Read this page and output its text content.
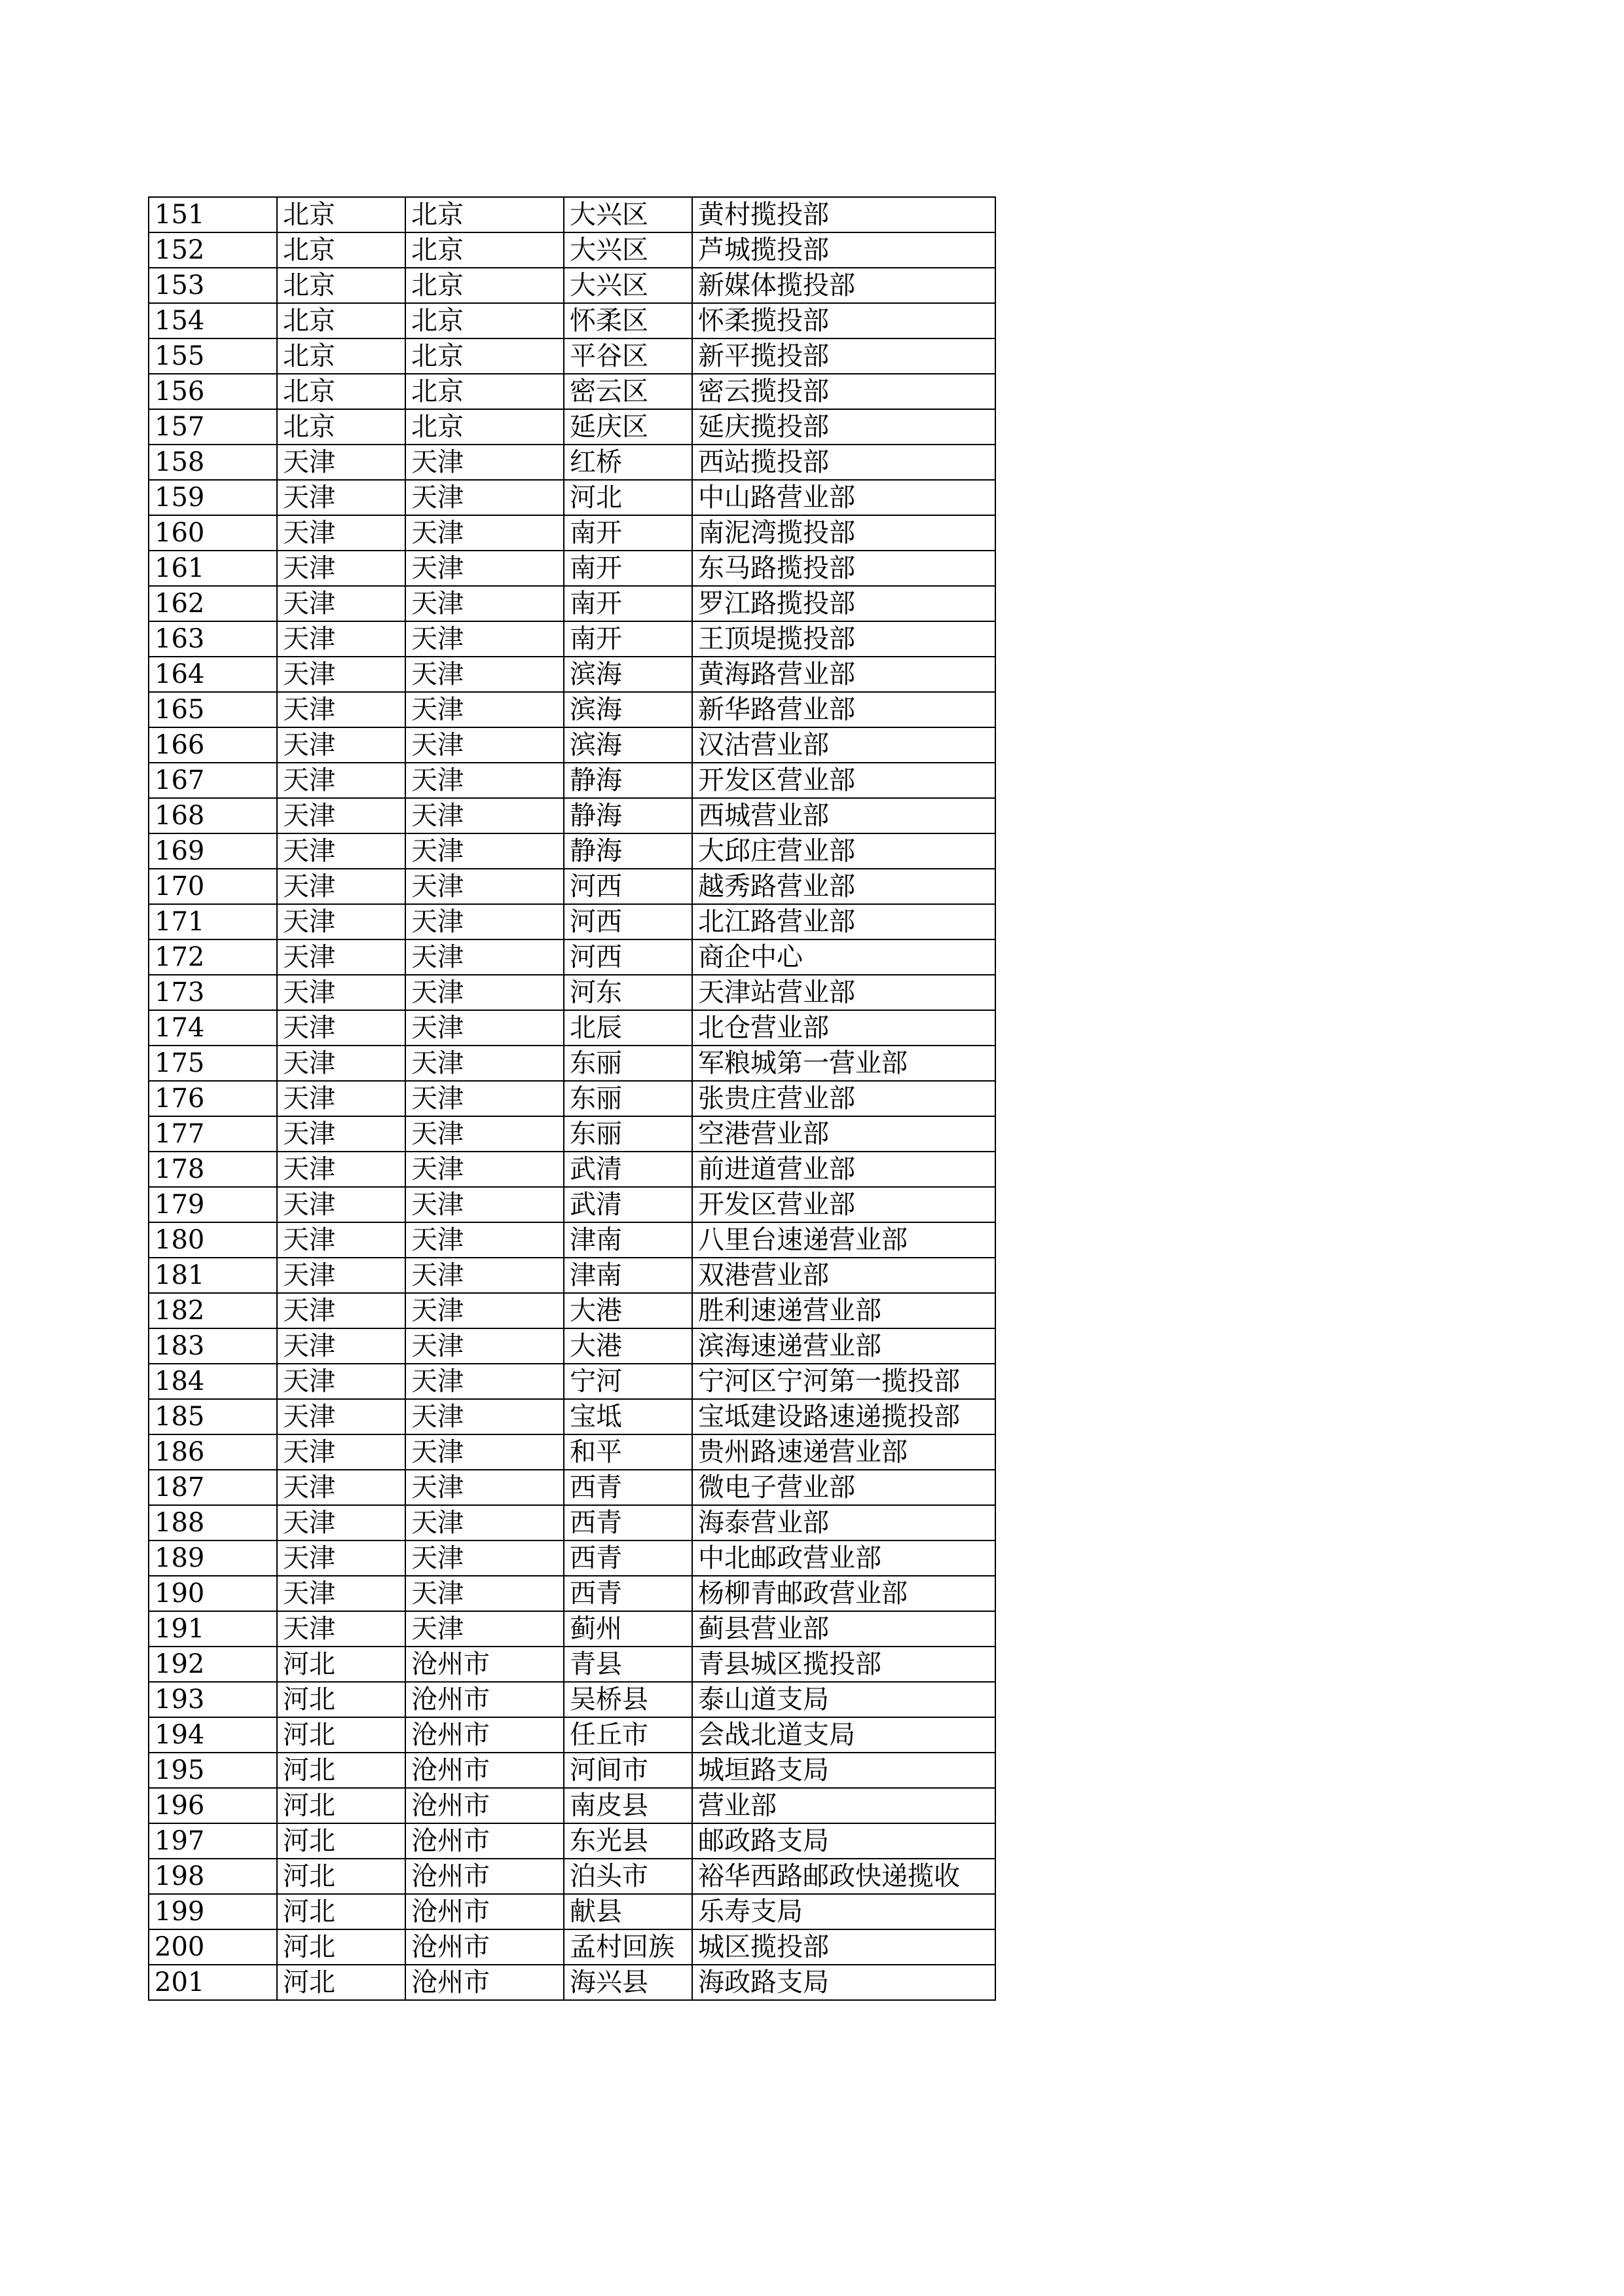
151	北京	北京	大兴区	黄村揽投部
152	北京	北京	大兴区	芦城揽投部
153	北京	北京	大兴区	新媒体揽投部
154	北京	北京	怀柔区	怀柔揽投部
155	北京	北京	平谷区	新平揽投部
156	北京	北京	密云区	密云揽投部
157	北京	北京	延庆区	延庆揽投部
158	天津	天津	红桥	西站揽投部
159	天津	天津	河北	中山路营业部
160	天津	天津	南开	南泥湾揽投部
161	天津	天津	南开	东马路揽投部
162	天津	天津	南开	罗江路揽投部
163	天津	天津	南开	王顶堤揽投部
164	天津	天津	滨海	黄海路营业部
165	天津	天津	滨海	新华路营业部
166	天津	天津	滨海	汉沽营业部
167	天津	天津	静海	开发区营业部
168	天津	天津	静海	西城营业部
169	天津	天津	静海	大邱庄营业部
170	天津	天津	河西	越秀路营业部
171	天津	天津	河西	北江路营业部
172	天津	天津	河西	商企中心
173	天津	天津	河东	天津站营业部
174	天津	天津	北辰	北仓营业部
175	天津	天津	东丽	军粮城第一营业部
176	天津	天津	东丽	张贵庄营业部
177	天津	天津	东丽	空港营业部
178	天津	天津	武清	前进道营业部
179	天津	天津	武清	开发区营业部
180	天津	天津	津南	八里台速递营业部
181	天津	天津	津南	双港营业部
182	天津	天津	大港	胜利速递营业部
183	天津	天津	大港	滨海速递营业部
184	天津	天津	宁河	宁河区宁河第一揽投部
185	天津	天津	宝坻	宝坻建设路速递揽投部
186	天津	天津	和平	贵州路速递营业部
187	天津	天津	西青	微电子营业部
188	天津	天津	西青	海泰营业部
189	天津	天津	西青	中北邮政营业部
190	天津	天津	西青	杨柳青邮政营业部
191	天津	天津	蓟州	蓟县营业部
192	河北	沧州市	青县	青县城区揽投部
193	河北	沧州市	吴桥县	泰山道支局
194	河北	沧州市	任丘市	会战北道支局
195	河北	沧州市	河间市	城垣路支局
196	河北	沧州市	南皮县	营业部
197	河北	沧州市	东光县	邮政路支局
198	河北	沧州市	泊头市	裕华西路邮政快递揽收
199	河北	沧州市	献县	乐寿支局
200	河北	沧州市	孟村回族	城区揽投部
201	河北	沧州市	海兴县	海政路支局
